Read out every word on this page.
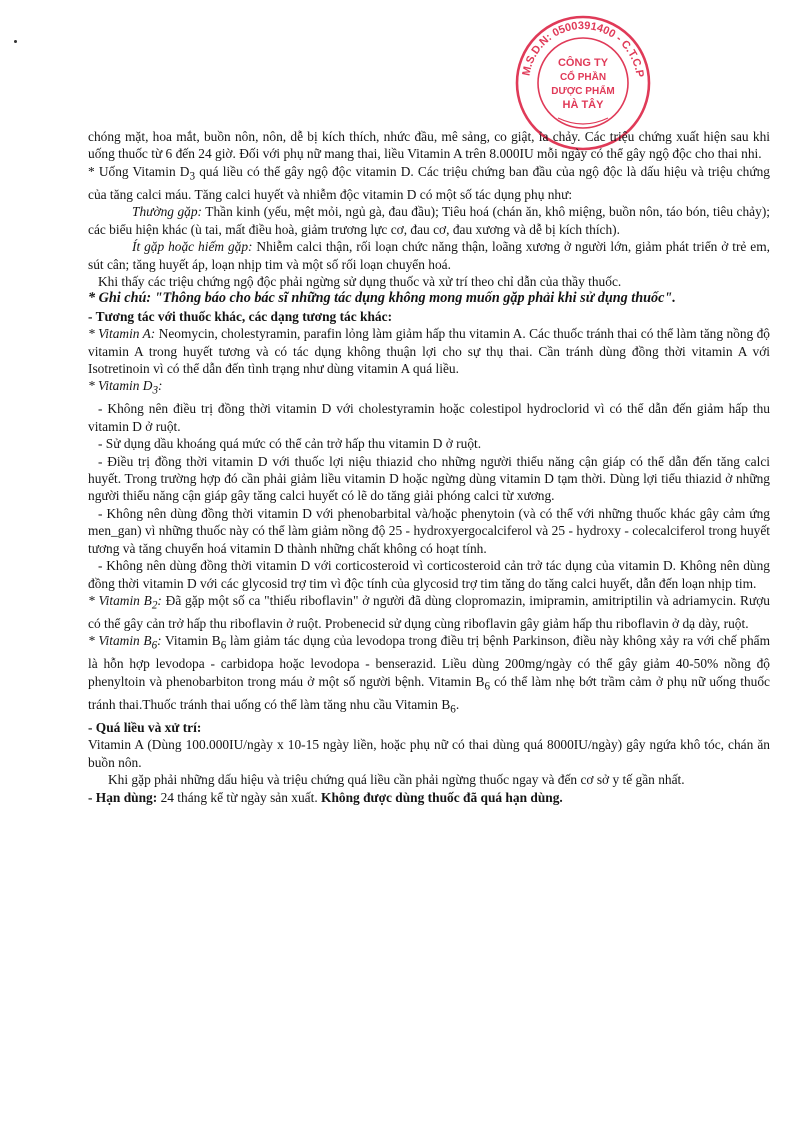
M.S.D.N: 0500391400 - C.T.C.P
CÔNG TY
CỔ PHẦN
DƯỢC PHẨM
HÀ TÂY

chóng mặt, hoa mắt, buồn nôn, nôn, dễ bị kích thích, nhức đầu, mê sảng, co giật, ỉa chảy. Các triệu chứng xuất hiện sau khi uống thuốc từ 6 đến 24 giờ. Đối với phụ nữ mang thai, liều Vitamin A trên 8.000IU mỗi ngày có thể gây ngộ độc cho thai nhi.

* Uống Vitamin $D_3$ quá liều có thể gây ngộ độc vitamin D. Các triệu chứng ban đầu của ngộ độc là dấu hiệu và triệu chứng của tăng calci máu. Tăng calci huyết và nhiễm độc vitamin D có một số tác dụng phụ như:

Thường gặp: Thần kinh (yếu, mệt mỏi, ngủ gà, đau đầu); Tiêu hoá (chán ăn, khô miệng, buồn nôn, táo bón, tiêu chảy); các biểu hiện khác (ù tai, mất điều hoà, giảm trương lực cơ, đau cơ, đau xương và dễ bị kích thích).

Ít gặp hoặc hiếm gặp: Nhiễm calci thận, rối loạn chức năng thận, loãng xương ở người lớn, giảm phát triển ở trẻ em, sút cân; tăng huyết áp, loạn nhịp tim và một số rối loạn chuyển hoá.

Khi thấy các triệu chứng ngộ độc phải ngừng sử dụng thuốc và xử trí theo chỉ dẫn của thầy thuốc.

* Ghi chú: "Thông báo cho bác sĩ những tác dụng không mong muốn gặp phải khi sử dụng thuốc".

- Tương tác với thuốc khác, các dạng tương tác khác:

* Vitamin A: Neomycin, cholestyramin, parafin lỏng làm giảm hấp thu vitamin A. Các thuốc tránh thai có thể làm tăng nồng độ vitamin A trong huyết tương và có tác dụng không thuận lợi cho sự thụ thai. Cần tránh dùng đồng thời vitamin A với Isotretinoin vì có thể dẫn đến tình trạng như dùng vitamin A quá liều.

* Vitamin $D_3$:

- Không nên điều trị đồng thời vitamin D với cholestyramin hoặc colestipol hydroclorid vì có thể dẫn đến giảm hấp thu vitamin D ở ruột.

- Sử dụng dầu khoáng quá mức có thể cản trở hấp thu vitamin D ở ruột.

- Điều trị đồng thời vitamin D với thuốc lợi niệu thiazid cho những người thiểu năng cận giáp có thể dẫn đến tăng calci huyết. Trong trường hợp đó cần phải giảm liều vitamin D hoặc ngừng dùng vitamin D tạm thời. Dùng lợi tiểu thiazid ở những người thiểu năng cận giáp gây tăng calci huyết có lẽ do tăng giải phóng calci từ xương.

- Không nên dùng đồng thời vitamin D với phenobarbital và/hoặc phenytoin (và có thể với những thuốc khác gây cảm ứng men_gan) vì những thuốc này có thể làm giảm nồng độ 25 - hydroxyergocalciferol và 25 - hydroxy - colecalciferol trong huyết tương và tăng chuyển hoá vitamin D thành những chất không có hoạt tính.

- Không nên dùng đồng thời vitamin D với corticosteroid vì corticosteroid cản trở tác dụng của vitamin D. Không nên dùng đồng thời vitamin D với các glycosid trợ tim vì độc tính của glycosid trợ tim tăng do tăng calci huyết, dẫn đến loạn nhịp tim.

* Vitamin $B_2$: Đã gặp một số ca "thiếu riboflavin" ở người đã dùng clopromazin, imipramin, amitriptilin và adriamycin. Rượu có thể gây cản trở hấp thu riboflavin ở ruột. Probenecid sử dụng cùng riboflavin gây giảm hấp thu riboflavin ở dạ dày, ruột.

* Vitamin $B_6$: Vitamin $B_6$ làm giảm tác dụng của levodopa trong điều trị bệnh Parkinson, điều này không xảy ra với chế phẩm là hỗn hợp levodopa - carbidopa hoặc levodopa - benserazid. Liều dùng 200mg/ngày có thể gây giảm 40-50% nồng độ phenyltoin và phenobarbiton trong máu ở một số người bệnh. Vitamin $B_6$ có thể làm nhẹ bớt trầm cảm ở phụ nữ uống thuốc tránh thai.Thuốc tránh thai uống có thể làm tăng nhu cầu Vitamin $B_6$.

- Quá liều và xử trí:

Vitamin A (Dùng 100.000IU/ngày x 10-15 ngày liền, hoặc phụ nữ có thai dùng quá 8000IU/ngày) gây ngứa khô tóc, chán ăn buồn nôn.

Khi gặp phải những dấu hiệu và triệu chứng quá liều cần phải ngừng thuốc ngay và đến cơ sở y tế gần nhất.

- Hạn dùng: 24 tháng kể từ ngày sản xuất. Không được dùng thuốc đã quá hạn dùng.
